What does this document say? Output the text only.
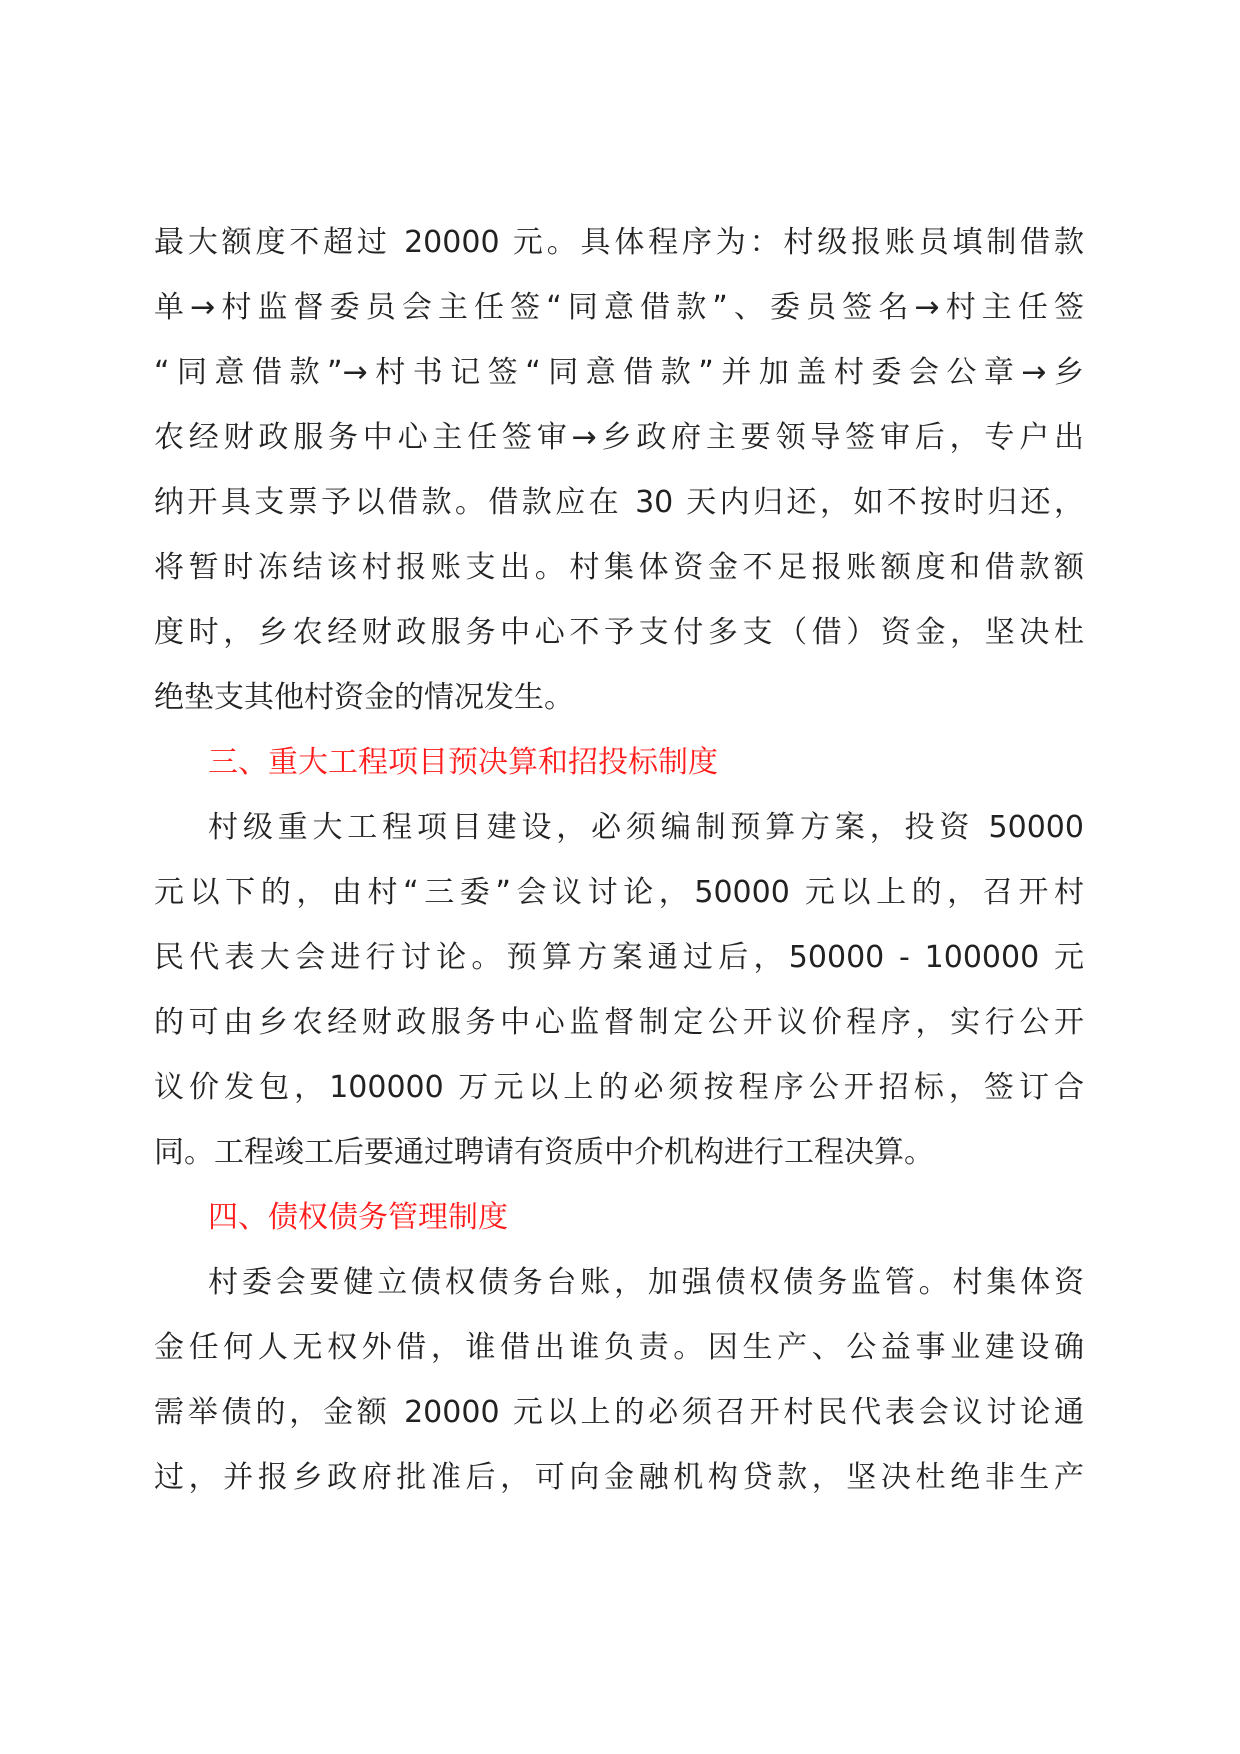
最大额度不超过 20000 元。具体程序为：村级报账员填制借款
单→村监督委员会主任签“同意借款”、委员签名→村主任签
“同意借款”→村书记签“同意借款”并加盖村委会公章→乡
农经财政服务中心主任签审→乡政府主要领导签审后，专户出
纳开具支票予以借款。借款应在 30 天内归还，如不按时归还，
将暂时冻结该村报账支出。村集体资金不足报账额度和借款额
度时，乡农经财政服务中心不予支付多支（借）资金，坚决杜
绝垫支其他村资金的情况发生。
三、重大工程项目预决算和招投标制度
村级重大工程项目建设，必须编制预算方案，投资 50000
元以下的，由村“三委”会议讨论，50000 元以上的，召开村
民代表大会进行讨论。预算方案通过后，50000 - 100000 元
的可由乡农经财政服务中心监督制定公开议价程序，实行公开
议价发包，100000 万元以上的必须按程序公开招标，签订合
同。工程竣工后要通过聘请有资质中介机构进行工程决算。
四、债权债务管理制度
村委会要健立债权债务台账，加强债权债务监管。村集体资
金任何人无权外借，谁借出谁负责。因生产、公益事业建设确
需举债的，金额 20000 元以上的必须召开村民代表会议讨论通
过，并报乡政府批准后，可向金融机构贷款，坚决杜绝非生产
